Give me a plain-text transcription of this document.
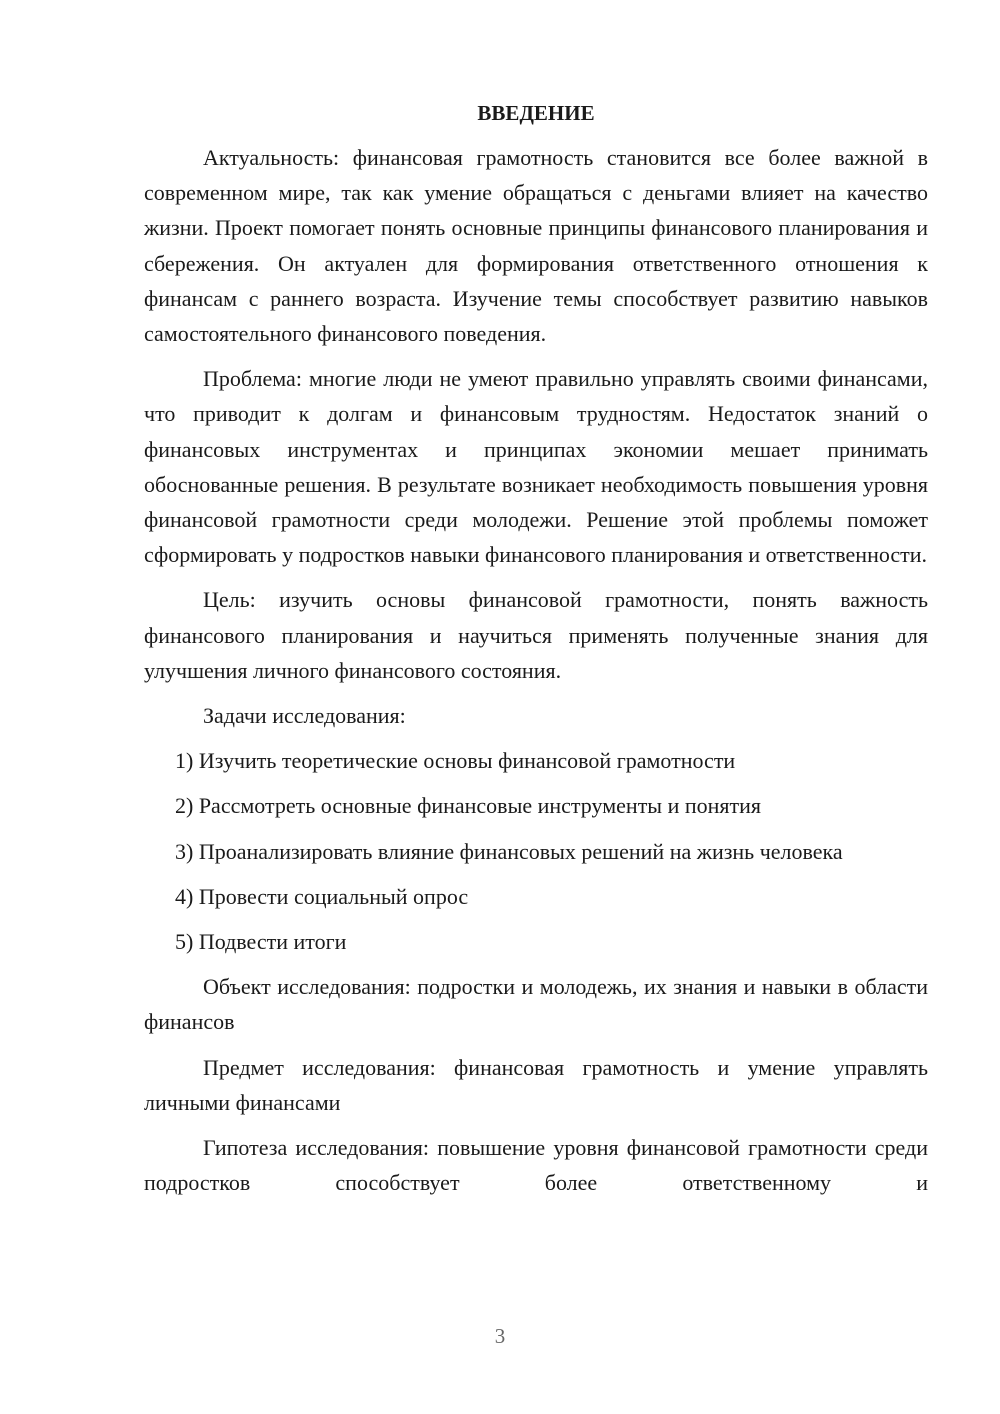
ВВЕДЕНИЕ

Актуальность: финансовая грамотность становится все более важной в современном мире, так как умение обращаться с деньгами влияет на качество жизни. Проект помогает понять основные принципы финансового планирования и сбережения. Он актуален для формирования ответственного отношения к финансам с раннего возраста. Изучение темы способствует развитию навыков самостоятельного финансового поведения.

Проблема: многие люди не умеют правильно управлять своими финансами, что приводит к долгам и финансовым трудностям. Недостаток знаний о финансовых инструментах и принципах экономии мешает принимать обоснованные решения. В результате возникает необходимость повышения уровня финансовой грамотности среди молодежи. Решение этой проблемы поможет сформировать у подростков навыки финансового планирования и ответственности.

Цель: изучить основы финансовой грамотности, понять важность финансового планирования и научиться применять полученные знания для улучшения личного финансового состояния.

Задачи исследования:

1) Изучить теоретические основы финансовой грамотности

2) Рассмотреть основные финансовые инструменты и понятия

3) Проанализировать влияние финансовых решений на жизнь человека

4) Провести социальный опрос

5) Подвести итоги

Объект исследования: подростки и молодежь, их знания и навыки в области финансов

Предмет исследования: финансовая грамотность и умение управлять личными финансами

Гипотеза исследования: повышение уровня финансовой грамотности среди подростков способствует более ответственному и

3
